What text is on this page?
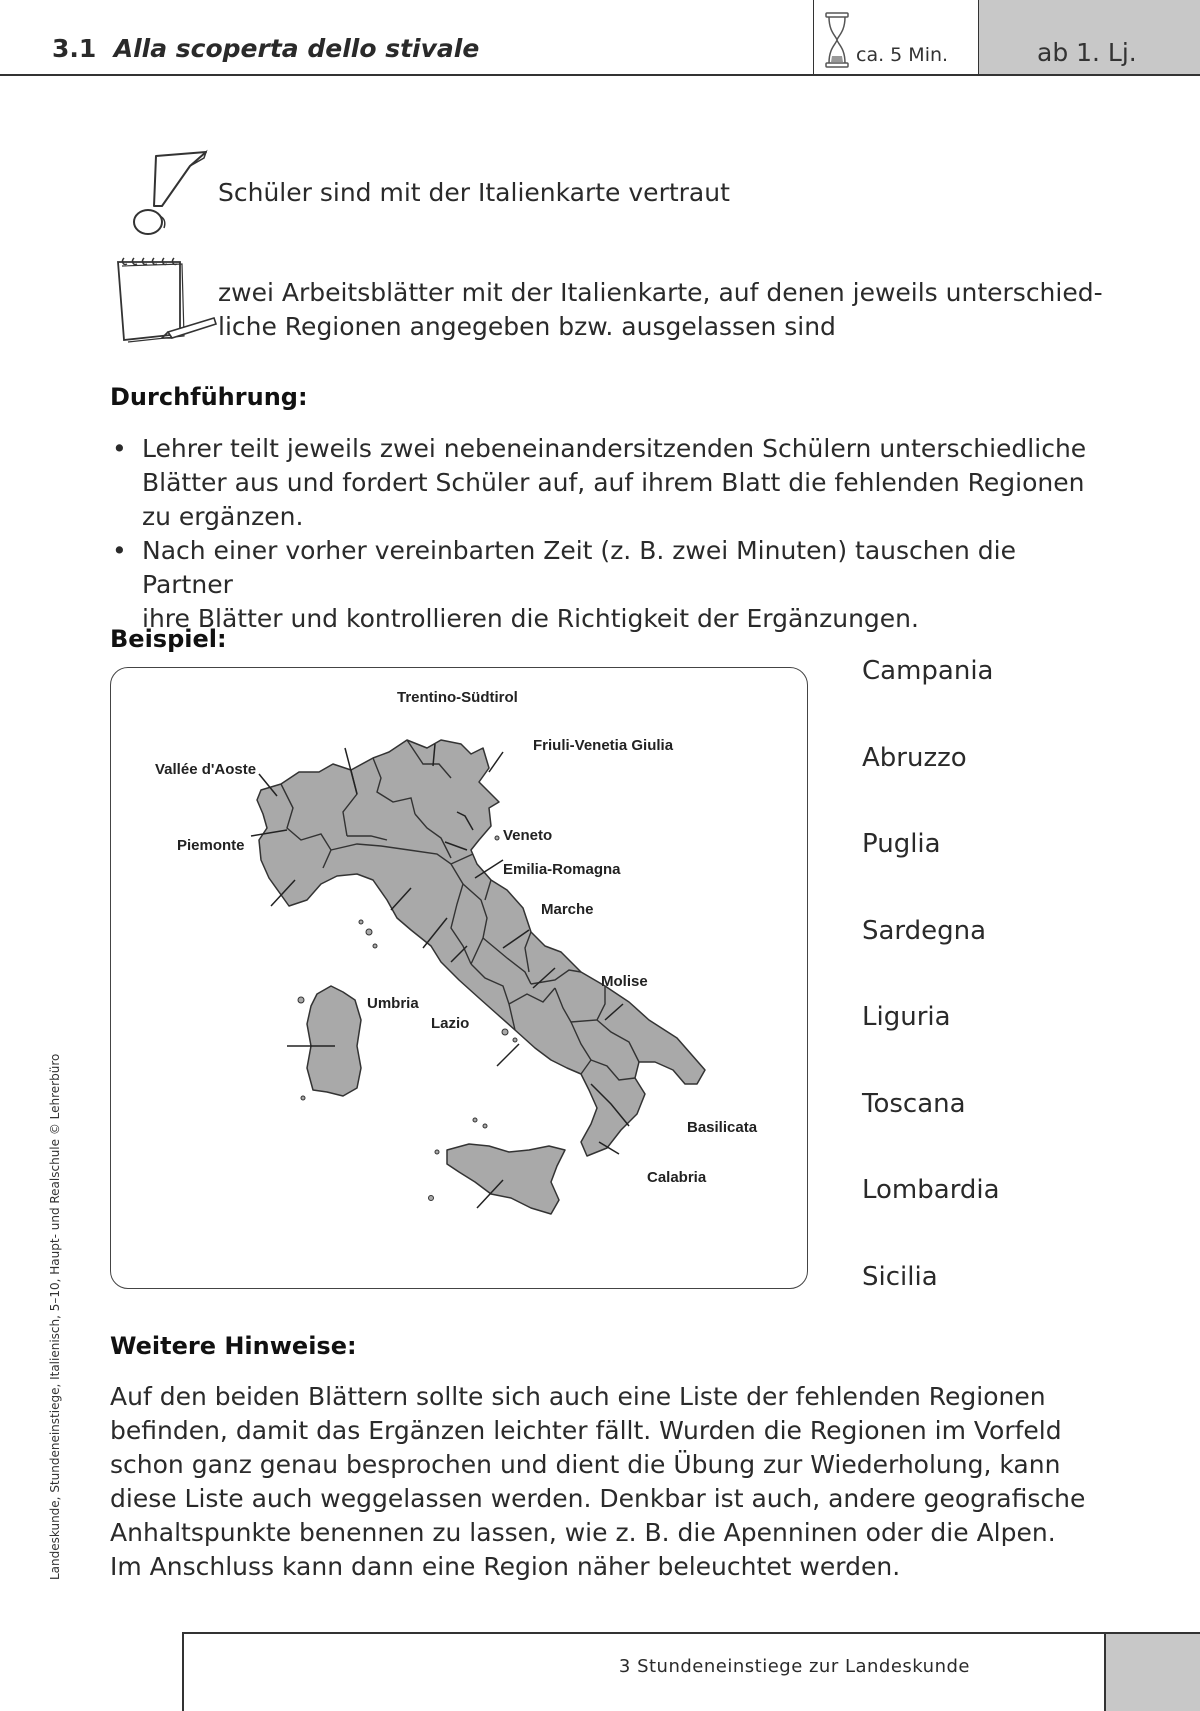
3.1 Alla scoperta dello stivale	ca. 5 Min.	ab 1. Lj.
Schüler sind mit der Italienkarte vertraut
zwei Arbeitsblätter mit der Italienkarte, auf denen jeweils unterschied-
liche Regionen angegeben bzw. ausgelassen sind
Durchführung:
• Lehrer teilt jeweils zwei nebeneinandersitzenden Schülern unterschiedliche
Blätter aus und fordert Schüler auf, auf ihrem Blatt die fehlenden Regionen
zu ergänzen.
• Nach einer vorher vereinbarten Zeit (z. B. zwei Minuten) tauschen die Partner
ihre Blätter und kontrollieren die Richtigkeit der Ergänzungen.
Beispiel:
Trentino-Südtirol
Friuli-Venetia Giulia
Vallée d'Aoste
Piemonte
Veneto
Emilia-Romagna
Marche
Molise
Umbria
Lazio
Basilicata
Calabria
Campania
Abruzzo
Puglia
Sardegna
Liguria
Toscana
Lombardia
Sicilia
Weitere Hinweise:
Auf den beiden Blättern sollte sich auch eine Liste der fehlenden Regionen
befinden, damit das Ergänzen leichter fällt. Wurden die Regionen im Vorfeld
schon ganz genau besprochen und dient die Übung zur Wiederholung, kann
diese Liste auch weggelassen werden. Denkbar ist auch, andere geografische
Anhaltspunkte benennen zu lassen, wie z. B. die Apenninen oder die Alpen.
Im Anschluss kann dann eine Region näher beleuchtet werden.
Landeskunde, Stundeneinstiege, Italienisch, 5–10, Haupt- und Realschule © Lehrerbüro
3 Stundeneinstiege zur Landeskunde
